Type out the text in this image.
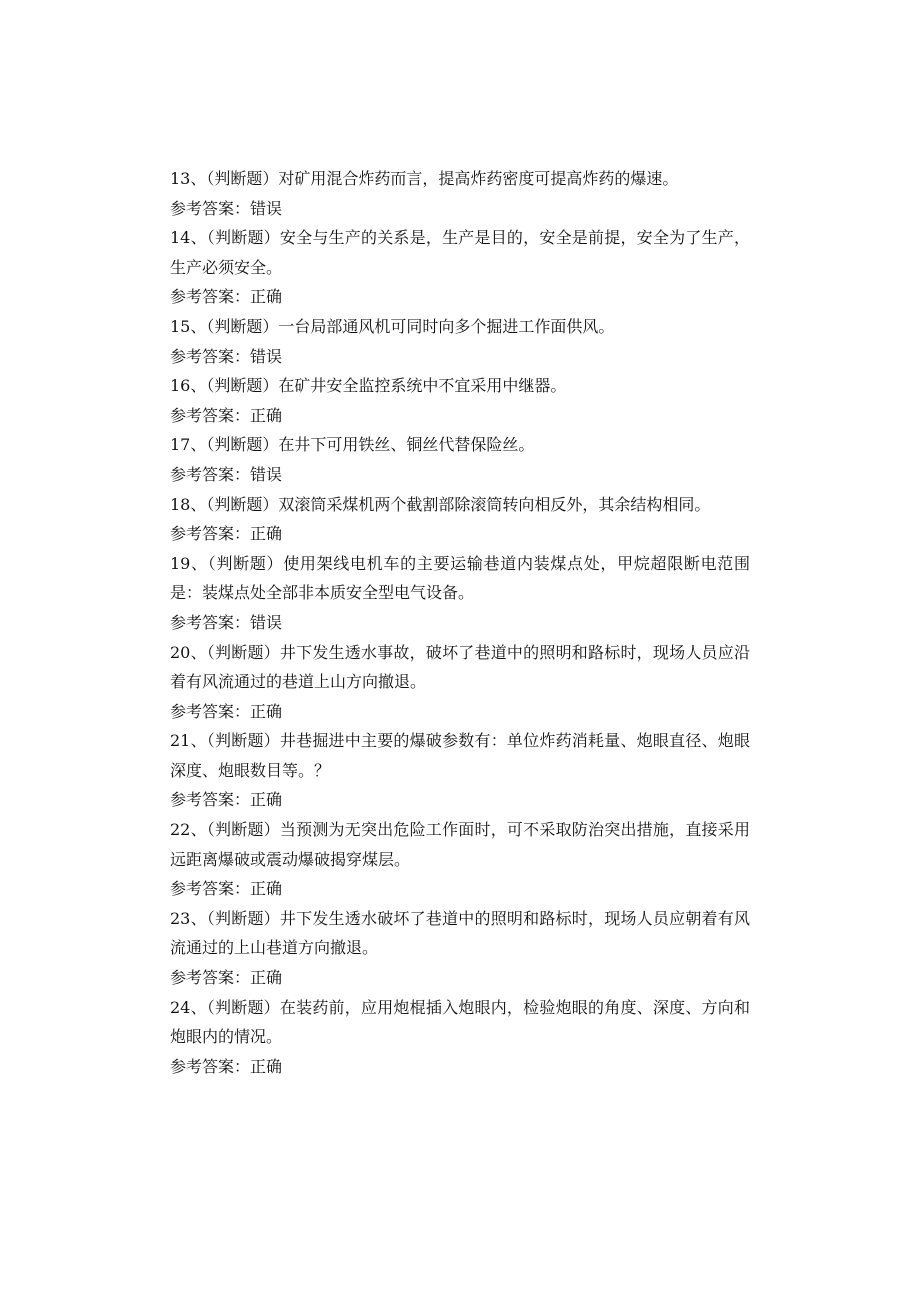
13、（判断题）对矿用混合炸药而言，提高炸药密度可提高炸药的爆速。

参考答案：错误

14、（判断题）安全与生产的关系是，生产是目的，安全是前提，安全为了生产，生产必须安全。

参考答案：正确

15、（判断题）一台局部通风机可同时向多个掘进工作面供风。

参考答案：错误

16、（判断题）在矿井安全监控系统中不宜采用中继器。

参考答案：正确

17、（判断题）在井下可用铁丝、铜丝代替保险丝。

参考答案：错误

18、（判断题）双滚筒采煤机两个截割部除滚筒转向相反外，其余结构相同。

参考答案：正确

19、（判断题）使用架线电机车的主要运输巷道内装煤点处，甲烷超限断电范围是：装煤点处全部非本质安全型电气设备。

参考答案：错误

20、（判断题）井下发生透水事故，破坏了巷道中的照明和路标时，现场人员应沿着有风流通过的巷道上山方向撤退。

参考答案：正确

21、（判断题）井巷掘进中主要的爆破参数有：单位炸药消耗量、炮眼直径、炮眼深度、炮眼数目等。？

参考答案：正确

22、（判断题）当预测为无突出危险工作面时，可不采取防治突出措施，直接采用远距离爆破或震动爆破揭穿煤层。

参考答案：正确

23、（判断题）井下发生透水破坏了巷道中的照明和路标时，现场人员应朝着有风流通过的上山巷道方向撤退。

参考答案：正确

24、（判断题）在装药前，应用炮棍插入炮眼内，检验炮眼的角度、深度、方向和炮眼内的情况。

参考答案：正确
